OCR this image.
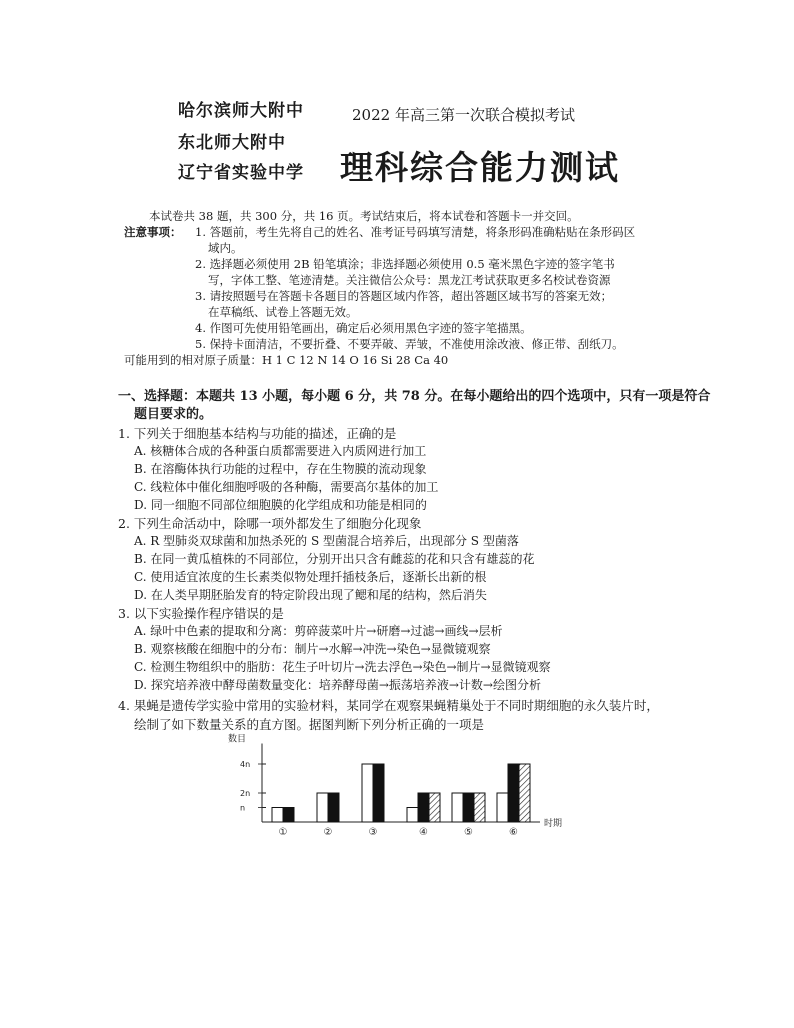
哈尔滨师大附中
东北师大附中
辽宁省实验中学
2022 年高三第一次联合模拟考试
理科综合能力测试
本试卷共 38 题，共 300 分，共 16 页。考试结束后，将本试卷和答题卡一并交回。
注意事项： 1. 答题前，考生先将自己的姓名、准考证号码填写清楚，将条形码准确粘贴在条形码区
域内。
2. 选择题必须使用 2B 铅笔填涂；非选择题必须使用 0.5 毫米黑色字迹的签字笔书
写，字体工整、笔迹清楚。关注微信公众号：黑龙江考试获取更多名校试卷资源
3. 请按照题号在答题卡各题目的答题区域内作答，超出答题区域书写的答案无效；
在草稿纸、试卷上答题无效。
4. 作图可先使用铅笔画出，确定后必须用黑色字迹的签字笔描黑。
5. 保持卡面清洁，不要折叠、不要弄破、弄皱，不准使用涂改液、修正带、刮纸刀。
可能用到的相对原子质量：H 1 C 12 N 14 O 16 Si 28 Ca 40
一、选择题：本题共 13 小题，每小题 6 分，共 78 分。在每小题给出的四个选项中，只有一项是符合
题目要求的。
1. 下列关于细胞基本结构与功能的描述，正确的是
A. 核糖体合成的各种蛋白质都需要进入内质网进行加工
B. 在溶酶体执行功能的过程中，存在生物膜的流动现象
C. 线粒体中催化细胞呼吸的各种酶，需要高尔基体的加工
D. 同一细胞不同部位细胞膜的化学组成和功能是相同的
2. 下列生命活动中，除哪一项外都发生了细胞分化现象
A. R 型肺炎双球菌和加热杀死的 S 型菌混合培养后，出现部分 S 型菌落
B. 在同一黄瓜植株的不同部位，分别开出只含有雌蕊的花和只含有雄蕊的花
C. 使用适宜浓度的生长素类似物处理扦插枝条后，逐渐长出新的根
D. 在人类早期胚胎发育的特定阶段出现了鳃和尾的结构，然后消失
3. 以下实验操作程序错误的是
A. 绿叶中色素的提取和分离：剪碎菠菜叶片→研磨→过滤→画线→层析
B. 观察核酸在细胞中的分布：制片→水解→冲洗→染色→显微镜观察
C. 检测生物组织中的脂肪：花生子叶切片→洗去浮色→染色→制片→显微镜观察
D. 探究培养液中酵母菌数量变化：培养酵母菌→振荡培养液→计数→绘图分析
4. 果蝇是遗传学实验中常用的实验材料，某同学在观察果蝇精巢处于不同时期细胞的永久装片时，
绘制了如下数量关系的直方图。据图判断下列分析正确的一项是
数目
时期
n
2n
4n
①	②	③	④	⑤	⑥
